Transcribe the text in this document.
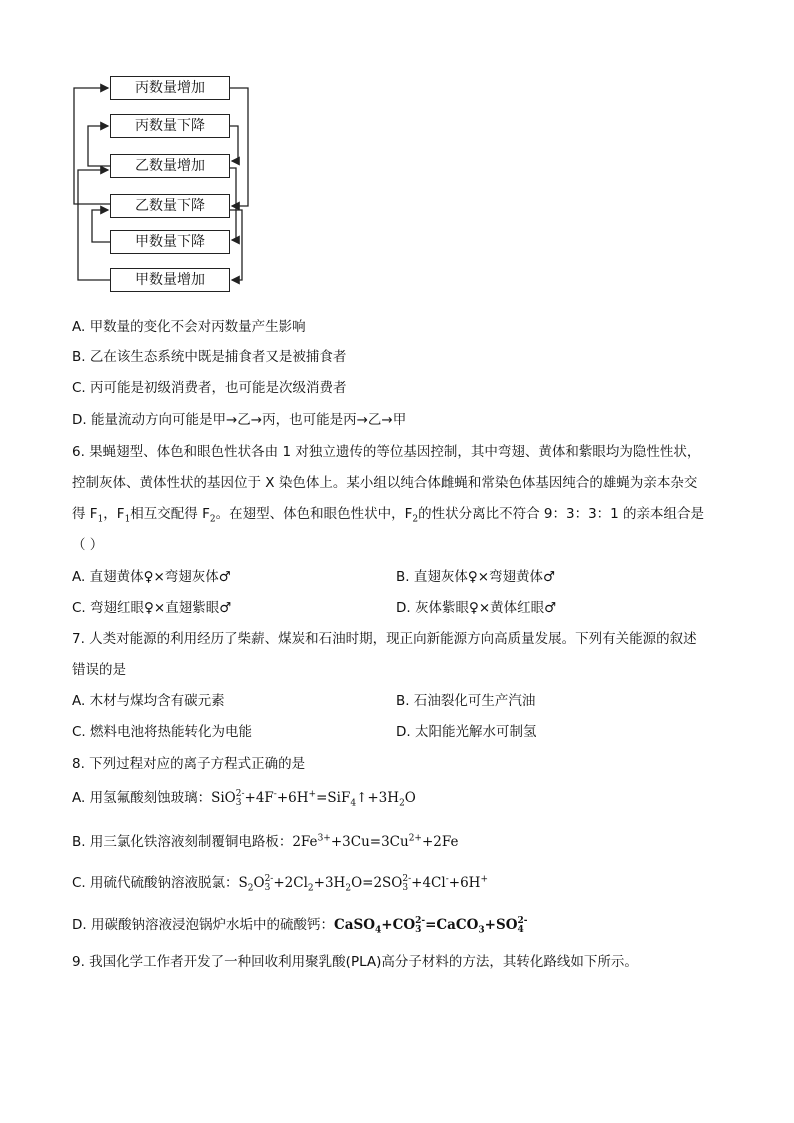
丙数量增加
丙数量下降
乙数量增加
乙数量下降
甲数量下降
甲数量增加
A. 甲数量的变化不会对丙数量产生影响
B. 乙在该生态系统中既是捕食者又是被捕食者
C. 丙可能是初级消费者，也可能是次级消费者
D. 能量流动方向可能是甲→乙→丙，也可能是丙→乙→甲
6. 果蝇翅型、体色和眼色性状各由 1 对独立遗传的等位基因控制，其中弯翅、黄体和紫眼均为隐性性状，
控制灰体、黄体性状的基因位于 X 染色体上。某小组以纯合体雌蝇和常染色体基因纯合的雄蝇为亲本杂交
得 $F_1$，$F_1$相互交配得 $F_2$。在翅型、体色和眼色性状中，$F_2$的性状分离比不符合 9：3：3：1 的亲本组合是
（ ）
A. 直翅黄体♀×弯翅灰体♂	B. 直翅灰体♀×弯翅黄体♂
C. 弯翅红眼♀×直翅紫眼♂	D. 灰体紫眼♀×黄体红眼♂
7. 人类对能源的利用经历了柴薪、煤炭和石油时期，现正向新能源方向高质量发展。下列有关能源的叙述
错误的是
A. 木材与煤均含有碳元素	B. 石油裂化可生产汽油
C. 燃料电池将热能转化为电能	D. 太阳能光解水可制氢
8. 下列过程对应的离子方程式正确的是
A. 用氢氟酸刻蚀玻璃：SiO 2-
$3 +4F^-+6H^+=SiF_4↑+3H_2O$
B. 用三氯化铁溶液刻制覆铜电路板：$2Fe^{3+}+3Cu=3Cu^{2+}+2Fe$
C. 用硫代硫酸钠溶液脱氯：$S_2O$ 2-
$3 +2Cl_2+3H_2O=2SO$ 2-
3 +4Cl-+6H+
D. 用碳酸钠溶液浸泡锅炉水垢中的硫酸钙：CaSO$_4$+CO 2-
3 =CaCO$_3$+SO 2-
4
9. 我国化学工作者开发了一种回收利用聚乳酸(PLA)高分子材料的方法，其转化路线如下所示。
